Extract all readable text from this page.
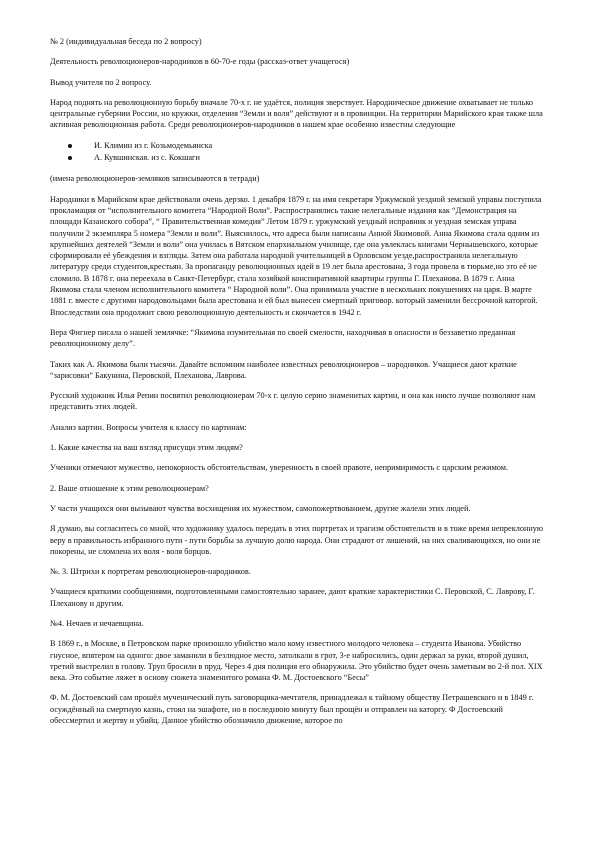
№ 2 (индивидуальная беседа по 2 вопросу)

Деятельность революционеров-народников в 60-70-е годы (рассказ-ответ учащегося)

Вывод учителя по 2 вопросу.

Народ поднять на революционную борьбу вначале 70-х г. не удаётся, полиция зверствует. Народническое движение охватывает не только центральные губернии России, но кружки, отделения “Земли и воля” действуют и в провинции. На территории Марийского края также шла активная революционная работа. Среди революционеров-народников в нашем крае особенно известны следующие

И. Климин из г. Козьмодемьянска
А. Кувшинская. из с. Кокшаги

(имена революционеров-земляков записываются в тетради)

Народники в Марийском крае действовали очень дерзко. 1 декабря 1879 г. на имя секретаря Уржумской уездной земской управы поступила прокламация от “исполнительного комитета “Народной Воли”. Распространялись такие нелегальные издания как “Демонстрация на площади Казанского собора”, “ Правительственная комедия” Летом 1879 г. уржумский уездный исправник и уездная земская управа получили 2 экземпляра 5 номера “Земли и воли”. Выяснилось, что адреса были написаны Анной Якимовой. Анна Якимова стала одним из крупнейших деятелей “Земли и воли” она училась в Вятском епархиальном училище, где она увлеклась книгами Чернышевского, которые сформировали её убеждения и взгляды. Затем она работала народной учительницей в Орловском уезде,распространяла нелегальную литературу среди студентов,крестьян. За пропаганду революционных идей в 19 лет была арестована, 3 года провела в тюрьме,но это её не сломило. В 1878 г. она переехала в Санкт-Петербург, стала хозяйкой конспиративной квартиры группы Г. Плеханова. В 1879 г. Анна Якимова стала членом исполнительного комитета “ Народной воли”. Она принимала участие в нескольких покушениях на царя. В марте 1881 г. вместе с другими народовольцами была арестована и ей был вынесен смертный приговор. который заменили бессрочной каторгой. Впоследствии она продолжит свою революционную деятельность и скончается в 1942 г.

Вера Фигнер писала о нашей землячке: “Якимова изумительная по своей смелости, находчивая в опасности и беззаветно преданная революционному делу”.

Таких как А. Якимова были тысячи. Давайте вспомним наиболее известных революционеров – народников. Учащиеся дают краткие “зарисовки” Бакунина, Перовской, Плеханова, Лаврова.

Русский художник Илья Репин посвятил революционерам 70-х г. целую серию знаменитых картин, и она как никто лучше позволяют нам представить этих людей.

Анализ картин. Вопросы учителя к классу по картинам:

1. Какие качества на ваш взгляд присущи этим людям?

Ученики отмечают мужество, непокорность обстоятельствам, уверенность в своей правоте, непримиримость с царским режимом.

2. Ваше отношение к этим революционерам?

У части учащихся они вызывают чувства восхищения их мужеством, самопожертвованием, другие жалели этих людей.

Я думаю, вы согласитесь со мной, что художнику удалось передать в этих портретах и трагизм обстоятельств и в тоже время непреклонную веру в правильность избранного пути - пути борьбы за лучшую долю народа. Они страдают от лишений, на них сваливающихся, но они не покорены, не сломлена их воля - воля борцов.

№. 3. Штрихи к портретам революционеров-народников.

Учащиеся краткими сообщениями, подготовленными самостоятельно заранее, дают краткие характеристики С. Перовской, С. Лаврову, Г. Плеханову и другим.

№4. Нечаев и нечаевщина.

В 1869 г., в Москве, в Петровском парке произошло убийство мало кому известного молодого человека – студента Иванова. Убийство гнусное, впятером на одного: двое заманили в безлюдное место, затолкали в грот, 3-е набросились, один держал за руки, второй душил, третий выстрелил в голову. Труп бросили в пруд. Через 4 дня полиция его обнаружила. Это убийство будет очень заметным во 2-й пол. XIX века. Это событие ляжет в основу сюжета знаменитого романа Ф. М. Достоевского “Бесы”

Ф. М. Достоевский сам прошёл мученический путь заговорщика-мечтателя, принадлежал к тайному обществу Петрашевского и в 1849 г. осуждённый на смертную казнь, стоял на эшафоте, но в последнюю минуту был прощён и отправлен на каторгу. Ф Достоевский обессмертил и жертву и убийц. Данное убийство обозначило движение, которое по
